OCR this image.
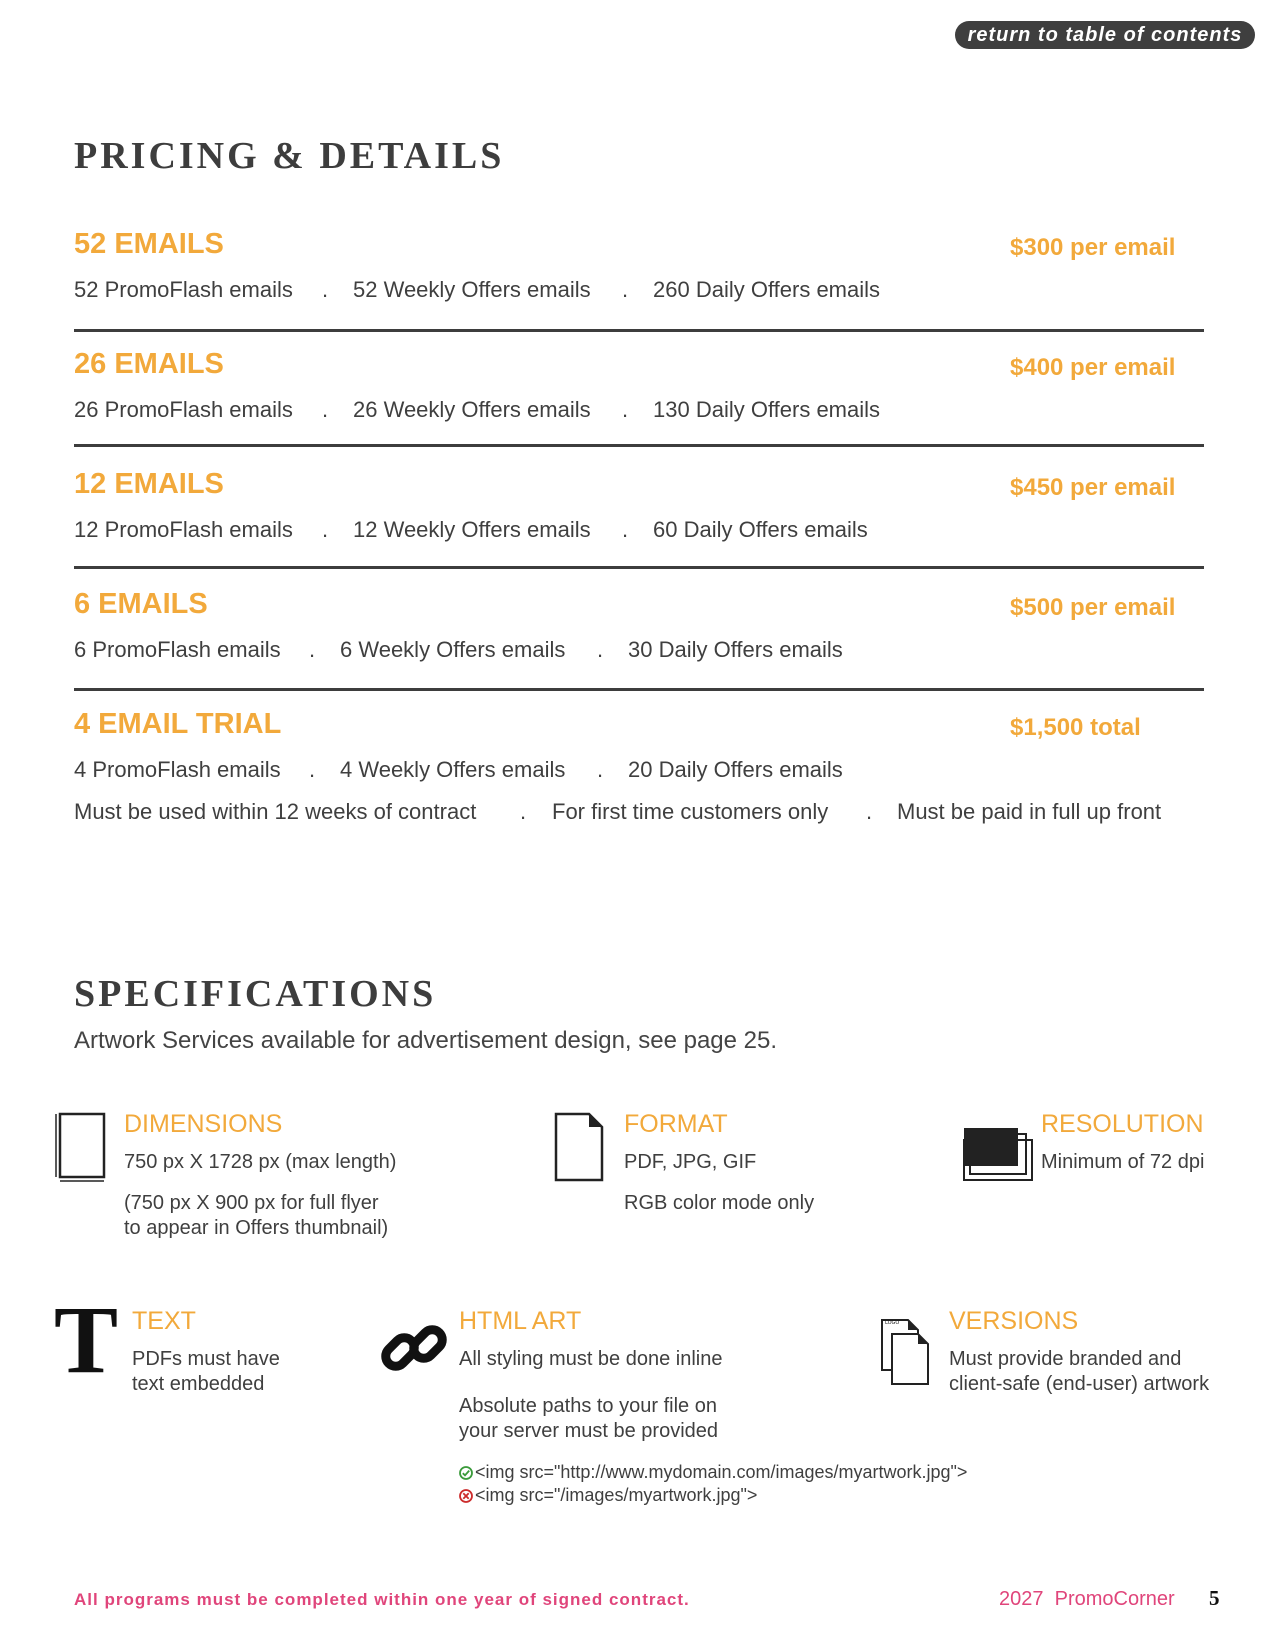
return to table of contents
PRICING & DETAILS
52 EMAILS	$300 per email
52 PromoFlash emails . 52 Weekly Offers emails . 260 Daily Offers emails
26 EMAILS	$400 per email
26 PromoFlash emails . 26 Weekly Offers emails . 130 Daily Offers emails
12 EMAILS	$450 per email
12 PromoFlash emails . 12 Weekly Offers emails . 60 Daily Offers emails
6 EMAILS	$500 per email
6 PromoFlash emails . 6 Weekly Offers emails . 30 Daily Offers emails
4 EMAIL TRIAL	$1,500 total
4 PromoFlash emails . 4 Weekly Offers emails . 20 Daily Offers emails
Must be used within 12 weeks of contract . For first time customers only . Must be paid in full up front
SPECIFICATIONS
Artwork Services available for advertisement design, see page 25.
DIMENSIONS
750 px X 1728 px (max length)
(750 px X 900 px for full flyer
to appear in Offers thumbnail)
FORMAT
PDF, JPG, GIF
RGB color mode only
RESOLUTION
Minimum of 72 dpi
T TEXT
PDFs must have
text embedded
HTML ART
All styling must be done inline
Absolute paths to your file on
your server must be provided
<img src="http://www.mydomain.com/images/myartwork.jpg">
<img src="/images/myartwork.jpg">
LOGO VERSIONS
Must provide branded and
client-safe (end-user) artwork
All programs must be completed within one year of signed contract.	2027  PromoCorner 5
